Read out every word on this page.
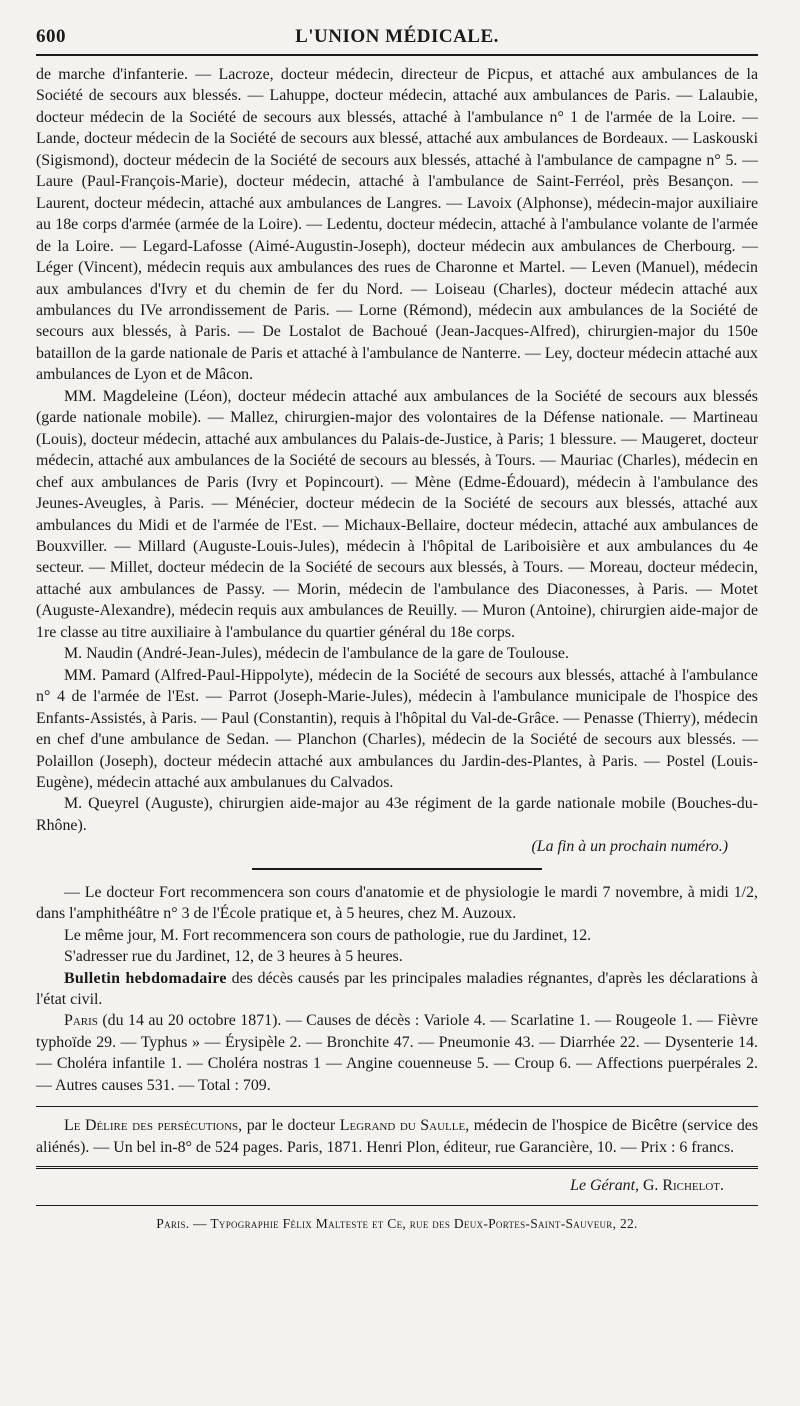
600	L'UNION MÉDICALE.

de marche d'infanterie. — Lacroze, docteur médecin, directeur de Picpus, et attaché aux ambulances de la Société de secours aux blessés. — Lahuppe, docteur médecin, attaché aux ambulances de Paris. — Lalaubie, docteur médecin de la Société de secours aux blessés, attaché à l'ambulance n° 1 de l'armée de la Loire. — Lande, docteur médecin de la Société de secours aux blessé, attaché aux ambulances de Bordeaux. — Laskouski (Sigismond), docteur médecin de la Société de secours aux blessés, attaché à l'ambulance de campagne n° 5. — Laure (Paul-François-Marie), docteur médecin, attaché à l'ambulance de Saint-Ferréol, près Besançon. — Laurent, docteur médecin, attaché aux ambulances de Langres. — Lavoix (Alphonse), médecin-major auxiliaire au 18e corps d'armée (armée de la Loire). — Ledentu, docteur médecin, attaché à l'ambulance volante de l'armée de la Loire. — Legard-Lafosse (Aimé-Augustin-Joseph), docteur médecin aux ambulances de Cherbourg. — Léger (Vincent), médecin requis aux ambulances des rues de Charonne et Martel. — Leven (Manuel), médecin aux ambulances d'Ivry et du chemin de fer du Nord. — Loiseau (Charles), docteur médecin attaché aux ambulances du IVe arrondissement de Paris. — Lorne (Rémond), médecin aux ambulances de la Société de secours aux blessés, à Paris. — De Lostalot de Bachoué (Jean-Jacques-Alfred), chirurgien-major du 150e bataillon de la garde nationale de Paris et attaché à l'ambulance de Nanterre. — Ley, docteur médecin attaché aux ambulances de Lyon et de Mâcon.

MM. Magdeleine (Léon), docteur médecin attaché aux ambulances de la Société de secours aux blessés (garde nationale mobile). — Mallez, chirurgien-major des volontaires de la Défense nationale. — Martineau (Louis), docteur médecin, attaché aux ambulances du Palais-de-Justice, à Paris; 1 blessure. — Maugeret, docteur médecin, attaché aux ambulances de la Société de secours au blessés, à Tours. — Mauriac (Charles), médecin en chef aux ambulances de Paris (Ivry et Popincourt). — Mène (Edme-Édouard), médecin à l'ambulance des Jeunes-Aveugles, à Paris. — Ménécier, docteur médecin de la Société de secours aux blessés, attaché aux ambulances du Midi et de l'armée de l'Est. — Michaux-Bellaire, docteur médecin, attaché aux ambulances de Bouxviller. — Millard (Auguste-Louis-Jules), médecin à l'hôpital de Lariboisière et aux ambulances du 4e secteur. — Millet, docteur médecin de la Société de secours aux blessés, à Tours. — Moreau, docteur médecin, attaché aux ambulances de Passy. — Morin, médecin de l'ambulance des Diaconesses, à Paris. — Motet (Auguste-Alexandre), médecin requis aux ambulances de Reuilly. — Muron (Antoine), chirurgien aide-major de 1re classe au titre auxiliaire à l'ambulance du quartier général du 18e corps.

M. Naudin (André-Jean-Jules), médecin de l'ambulance de la gare de Toulouse.

MM. Pamard (Alfred-Paul-Hippolyte), médecin de la Société de secours aux blessés, attaché à l'ambulance n° 4 de l'armée de l'Est. — Parrot (Joseph-Marie-Jules), médecin à l'ambulance municipale de l'hospice des Enfants-Assistés, à Paris. — Paul (Constantin), requis à l'hôpital du Val-de-Grâce. — Penasse (Thierry), médecin en chef d'une ambulance de Sedan. — Planchon (Charles), médecin de la Société de secours aux blessés. — Polaillon (Joseph), docteur médecin attaché aux ambulances du Jardin-des-Plantes, à Paris. — Postel (Louis-Eugène), médecin attaché aux ambulanues du Calvados.

M. Queyrel (Auguste), chirurgien aide-major au 43e régiment de la garde nationale mobile (Bouches-du-Rhône).

(La fin à un prochain numéro.)

— Le docteur Fort recommencera son cours d'anatomie et de physiologie le mardi 7 novembre, à midi 1/2, dans l'amphithéâtre n° 3 de l'École pratique et, à 5 heures, chez M. Auzoux.

Le même jour, M. Fort recommencera son cours de pathologie, rue du Jardinet, 12.

S'adresser rue du Jardinet, 12, de 3 heures à 5 heures.

Bulletin hebdomadaire des décès causés par les principales maladies régnantes, d'après les déclarations à l'état civil.

Paris (du 14 au 20 octobre 1871). — Causes de décès : Variole 4. — Scarlatine 1. — Rougeole 1. — Fièvre typhoïde 29. — Typhus » — Érysipèle 2. — Bronchite 47. — Pneumonie 43. — Diarrhée 22. — Dysenterie 14. — Choléra infantile 1. — Choléra nostras 1 — Angine couenneuse 5. — Croup 6. — Affections puerpérales 2. — Autres causes 531. — Total : 709.

Le Délire des persécutions, par le docteur Legrand du Saulle, médecin de l'hospice de Bicêtre (service des aliénés). — Un bel in-8° de 524 pages. Paris, 1871. Henri Plon, éditeur, rue Garancière, 10. — Prix : 6 francs.

Le Gérant, G. Richelot.
Paris. — Typographie Félix Malteste et Ce, rue des Deux-Portes-Saint-Sauveur, 22.
